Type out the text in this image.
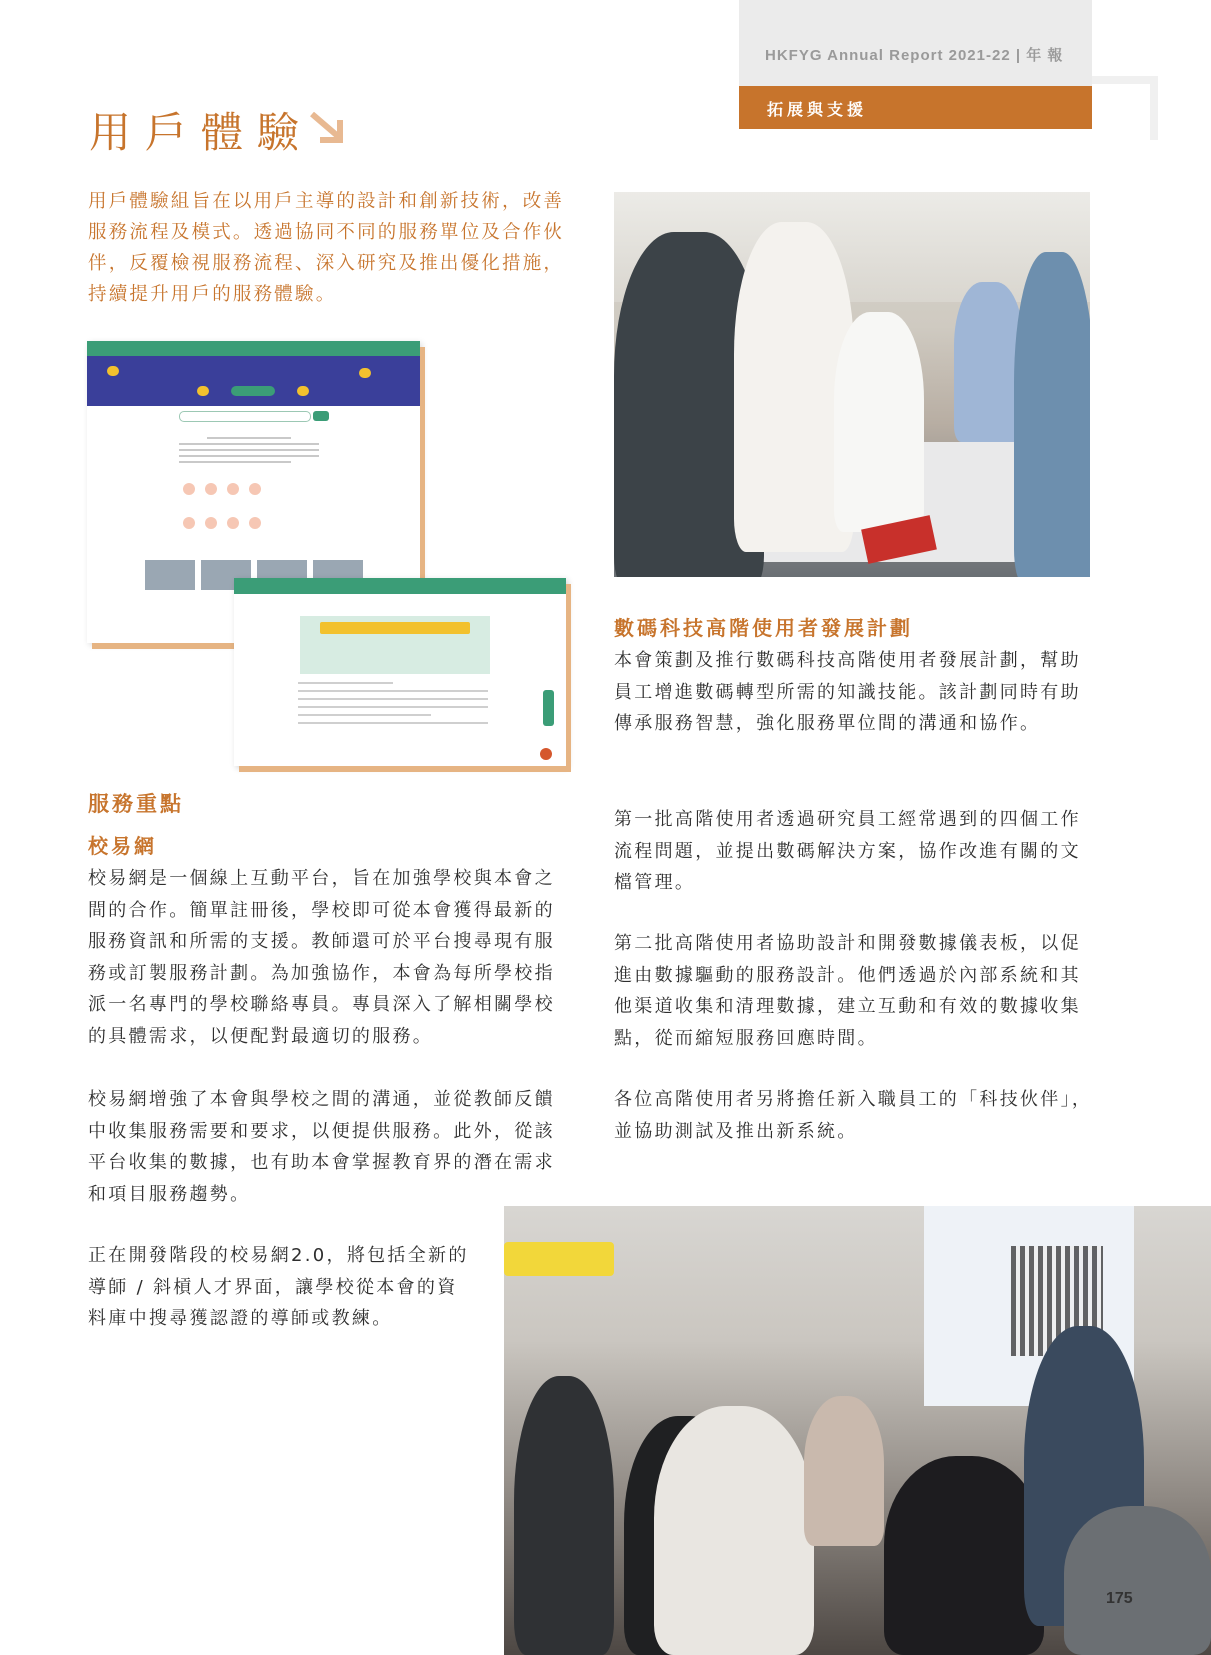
HKFYG Annual Report 2021-22 | 年 報
拓展與支援
用戶體驗
用戶體驗組旨在以用戶主導的設計和創新技術，改善服務流程及模式。透過協同不同的服務單位及合作伙伴，反覆檢視服務流程、深入研究及推出優化措施，持續提升用戶的服務體驗。

服務重點
校易網
校易網是一個線上互動平台，旨在加強學校與本會之間的合作。簡單註冊後，學校即可從本會獲得最新的服務資訊和所需的支援。教師還可於平台搜尋現有服務或訂製服務計劃。為加強協作，本會為每所學校指派一名專門的學校聯絡專員。專員深入了解相關學校的具體需求，以便配對最適切的服務。
校易網增強了本會與學校之間的溝通，並從教師反饋中收集服務需要和要求，以便提供服務。此外，從該平台收集的數據，也有助本會掌握教育界的潛在需求和項目服務趨勢。
正在開發階段的校易網2.0，將包括全新的導師 / 斜槓人才界面，讓學校從本會的資料庫中搜尋獲認證的導師或教練。
數碼科技高階使用者發展計劃
本會策劃及推行數碼科技高階使用者發展計劃，幫助員工增進數碼轉型所需的知識技能。該計劃同時有助傳承服務智慧，強化服務單位間的溝通和協作。
第一批高階使用者透過研究員工經常遇到的四個工作流程問題，並提出數碼解決方案，協作改進有關的文檔管理。
第二批高階使用者協助設計和開發數據儀表板，以促進由數據驅動的服務設計。他們透過於內部系統和其他渠道收集和清理數據，建立互動和有效的數據收集點，從而縮短服務回應時間。
各位高階使用者另將擔任新入職員工的「科技伙伴」，並協助測試及推出新系統。
175
